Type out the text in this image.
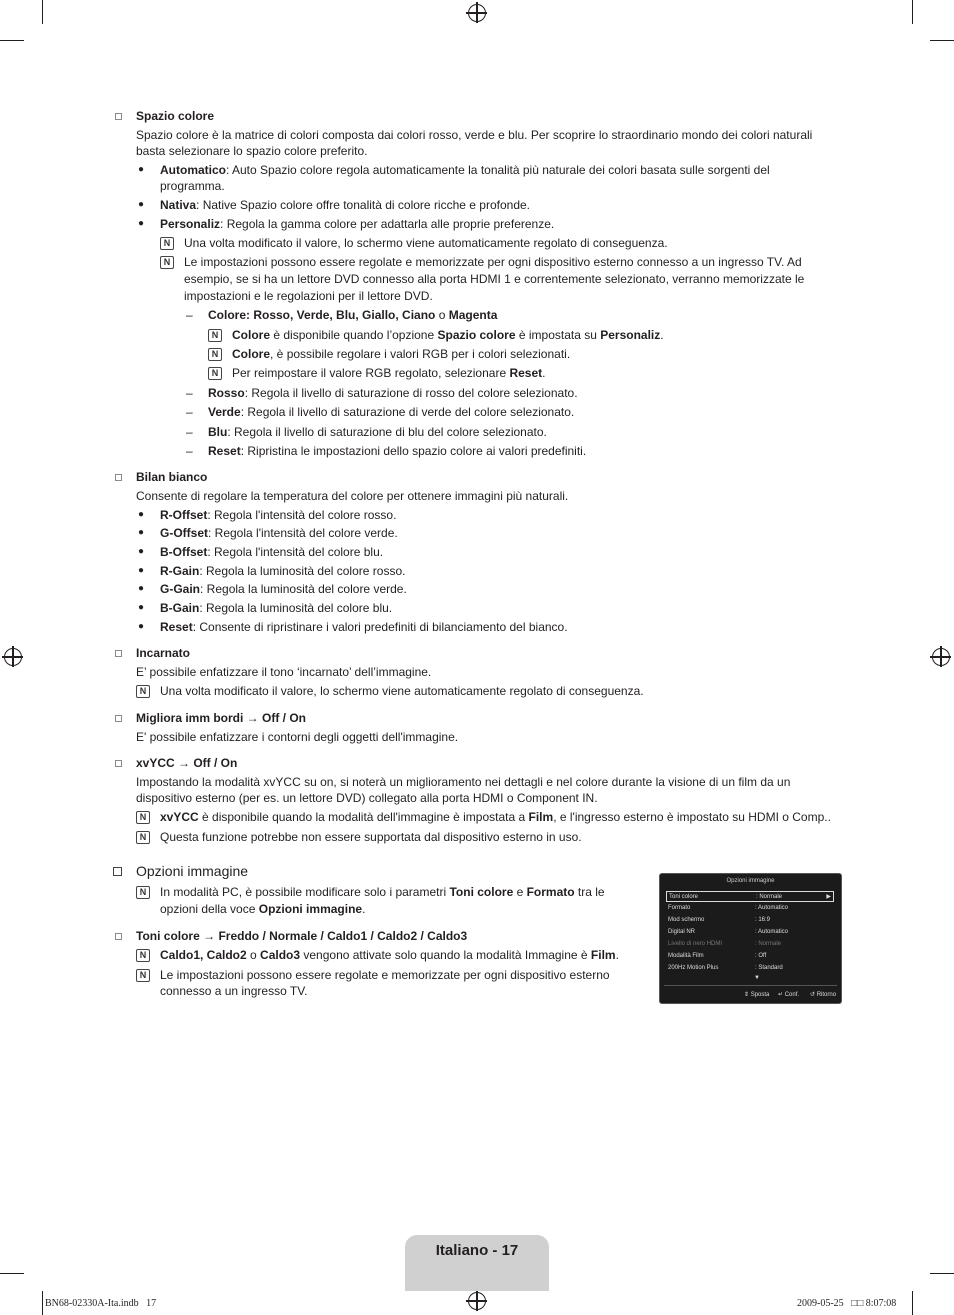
Spazio colore
Spazio colore è la matrice di colori composta dai colori rosso, verde e blu. Per scoprire lo straordinario mondo dei colori naturali
basta selezionare lo spazio colore preferito.
● Automatico: Auto Spazio colore regola automaticamente la tonalità più naturale dei colori basata sulle sorgenti del
programma.
● Nativa: Native Spazio colore offre tonalità di colore ricche e profonde.
● Personaliz: Regola la gamma colore per adattarla alle proprie preferenze.
N	Una volta modificato il valore, lo schermo viene automaticamente regolato di conseguenza.
N	Le impostazioni possono essere regolate e memorizzate per ogni dispositivo esterno connesso a un ingresso TV. Ad
esempio, se si ha un lettore DVD connesso alla porta HDMI 1 e correntemente selezionato, verranno memorizzate le
impostazioni e le regolazioni per il lettore DVD.
– Colore: Rosso, Verde, Blu, Giallo, Ciano o Magenta
N	Colore è disponibile quando l’opzione Spazio colore è impostata su Personaliz.
N	Colore, è possibile regolare i valori RGB per i colori selezionati.
N	Per reimpostare il valore RGB regolato, selezionare Reset.
– Rosso: Regola il livello di saturazione di rosso del colore selezionato.
– Verde: Regola il livello di saturazione di verde del colore selezionato.
– Blu: Regola il livello di saturazione di blu del colore selezionato.
– Reset: Ripristina le impostazioni dello spazio colore ai valori predefiniti.
Bilan bianco
Consente di regolare la temperatura del colore per ottenere immagini più naturali.
● R-Offset: Regola l'intensità del colore rosso.
● G-Offset: Regola l'intensità del colore verde.
● B-Offset: Regola l'intensità del colore blu.
● R-Gain: Regola la luminosità del colore rosso.
● G-Gain: Regola la luminosità del colore verde.
● B-Gain: Regola la luminosità del colore blu.
● Reset: Consente di ripristinare i valori predefiniti di bilanciamento del bianco.
Incarnato
E’ possibile enfatizzare il tono ‘incarnato’ dell’immagine.
N	Una volta modificato il valore, lo schermo viene automaticamente regolato di conseguenza.
Migliora imm bordi → Off / On
E' possibile enfatizzare i contorni degli oggetti dell'immagine.
xvYCC → Off / On
Impostando la modalità xvYCC su on, si noterà un miglioramento nei dettagli e nel colore durante la visione di un film da un
dispositivo esterno (per es. un lettore DVD) collegato alla porta HDMI o Component IN.
N	xvYCC è disponibile quando la modalità dell'immagine è impostata a Film, e l'ingresso esterno è impostato su HDMI o Comp..
N	Questa funzione potrebbe non essere supportata dal dispositivo esterno in uso.
Opzioni immagine
N	In modalità PC, è possibile modificare solo i parametri Toni colore e Formato tra le
opzioni della voce Opzioni immagine.
Toni colore → Freddo / Normale / Caldo1 / Caldo2 / Caldo3
N	Caldo1, Caldo2 o Caldo3 vengono attivate solo quando la modalità Immagine è Film.
N	Le impostazioni possono essere regolate e memorizzate per ogni dispositivo esterno
connesso a un ingresso TV.
Opzioni immagine
Toni colore	: Normale	▶
Formato	: Automatico
Mod schermo	: 16:9
Digital NR	: Automatico
Livello di nero HDMI	: Normale
Modalità Film	: Off
200Hz Motion Plus	: Standard
▼
⇕ Sposta ↵ Conf. ↺ Ritorno
Italiano - 17
BN68-02330A-Ita.indb   17	2009-05-25   □□ 8:07:08
